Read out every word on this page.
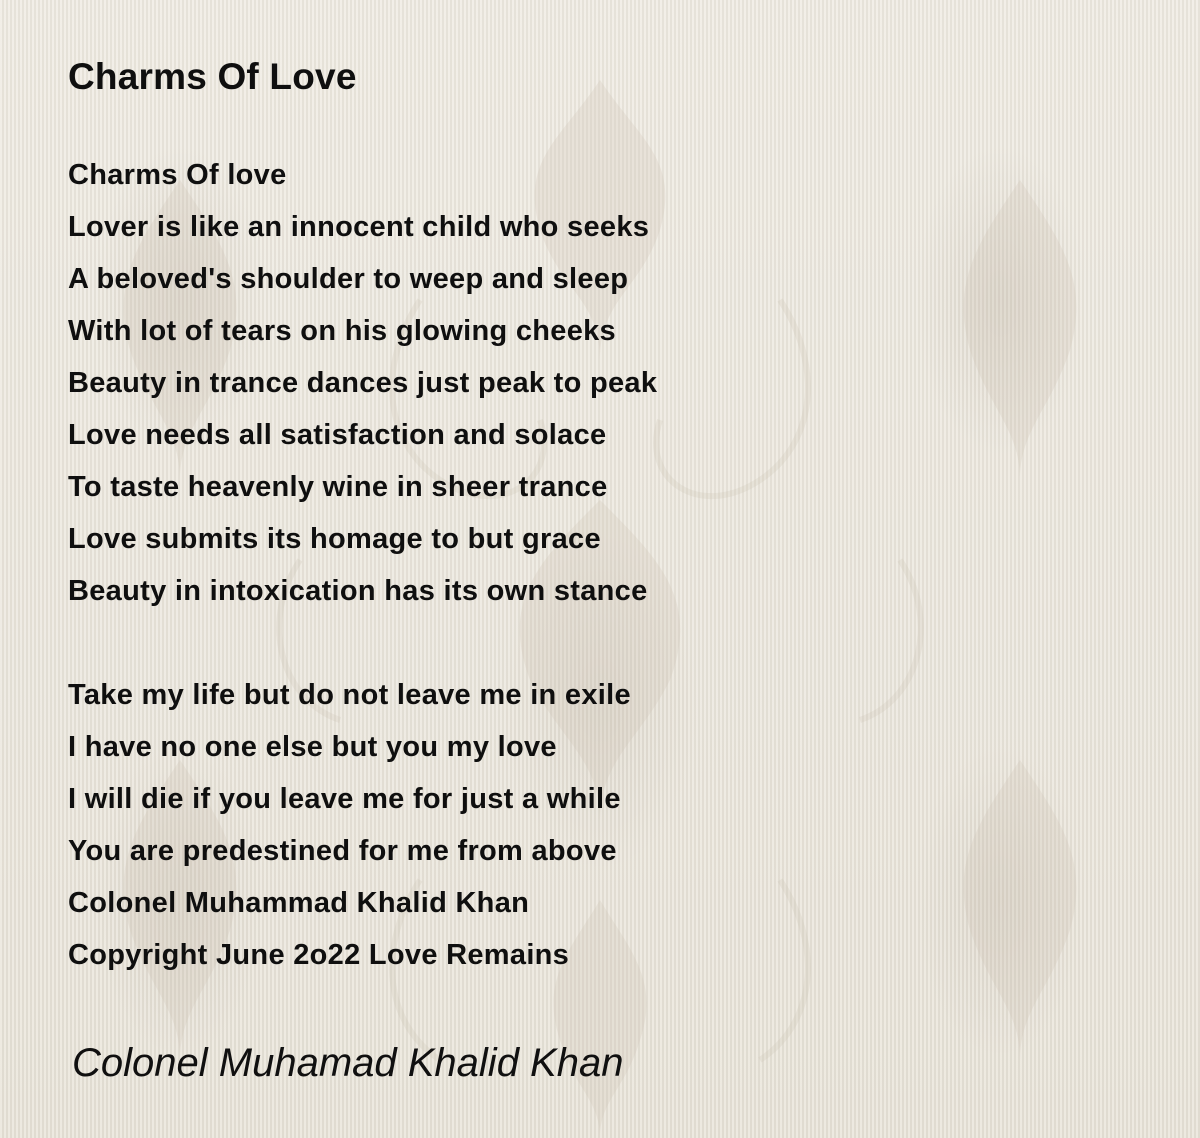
Charms Of Love
Charms Of love
Lover is like an innocent child who seeks
A beloved's shoulder to weep and sleep
With lot of tears on his glowing cheeks
Beauty in trance dances just peak to peak
Love needs all satisfaction and solace
To taste heavenly wine in sheer trance
Love submits its homage to but grace
Beauty in intoxication has its own stance
Take my life but do not leave me in exile
I have no one else but you my love
I will die if you leave me for just a while
You are predestined for me from above
Colonel Muhammad Khalid Khan
Copyright June 2o22 Love Remains
Colonel Muhamad Khalid Khan
